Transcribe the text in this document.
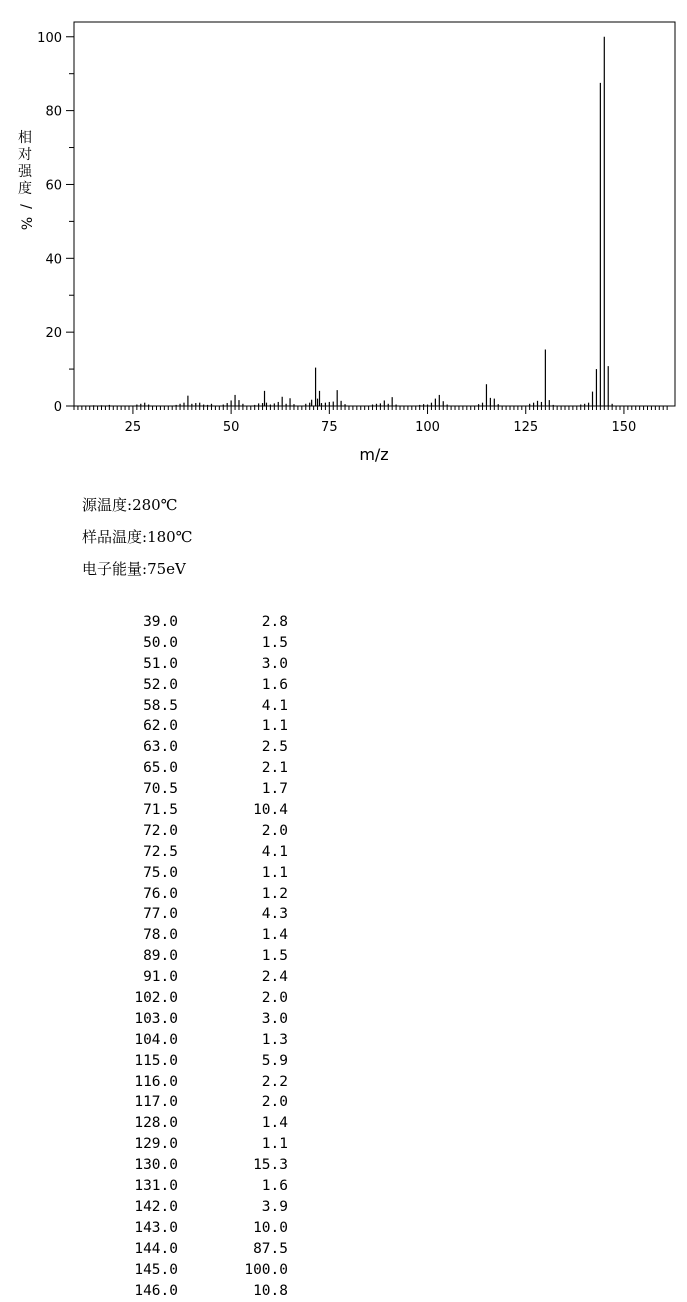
0
20
40
60
80
100
25	50	75	100	125	150
m/z
相
对
强
度
/
%
源温度:280℃
样品温度:180℃
电子能量:75eV
39.0	2.8
50.0	1.5
51.0	3.0
52.0	1.6
58.5	4.1
62.0	1.1
63.0	2.5
65.0	2.1
70.5	1.7
71.5	10.4
72.0	2.0
72.5	4.1
75.0	1.1
76.0	1.2
77.0	4.3
78.0	1.4
89.0	1.5
91.0	2.4
102.0	2.0
103.0	3.0
104.0	1.3
115.0	5.9
116.0	2.2
117.0	2.0
128.0	1.4
129.0	1.1
130.0	15.3
131.0	1.6
142.0	3.9
143.0	10.0
144.0	87.5
145.0	100.0
146.0	10.8
